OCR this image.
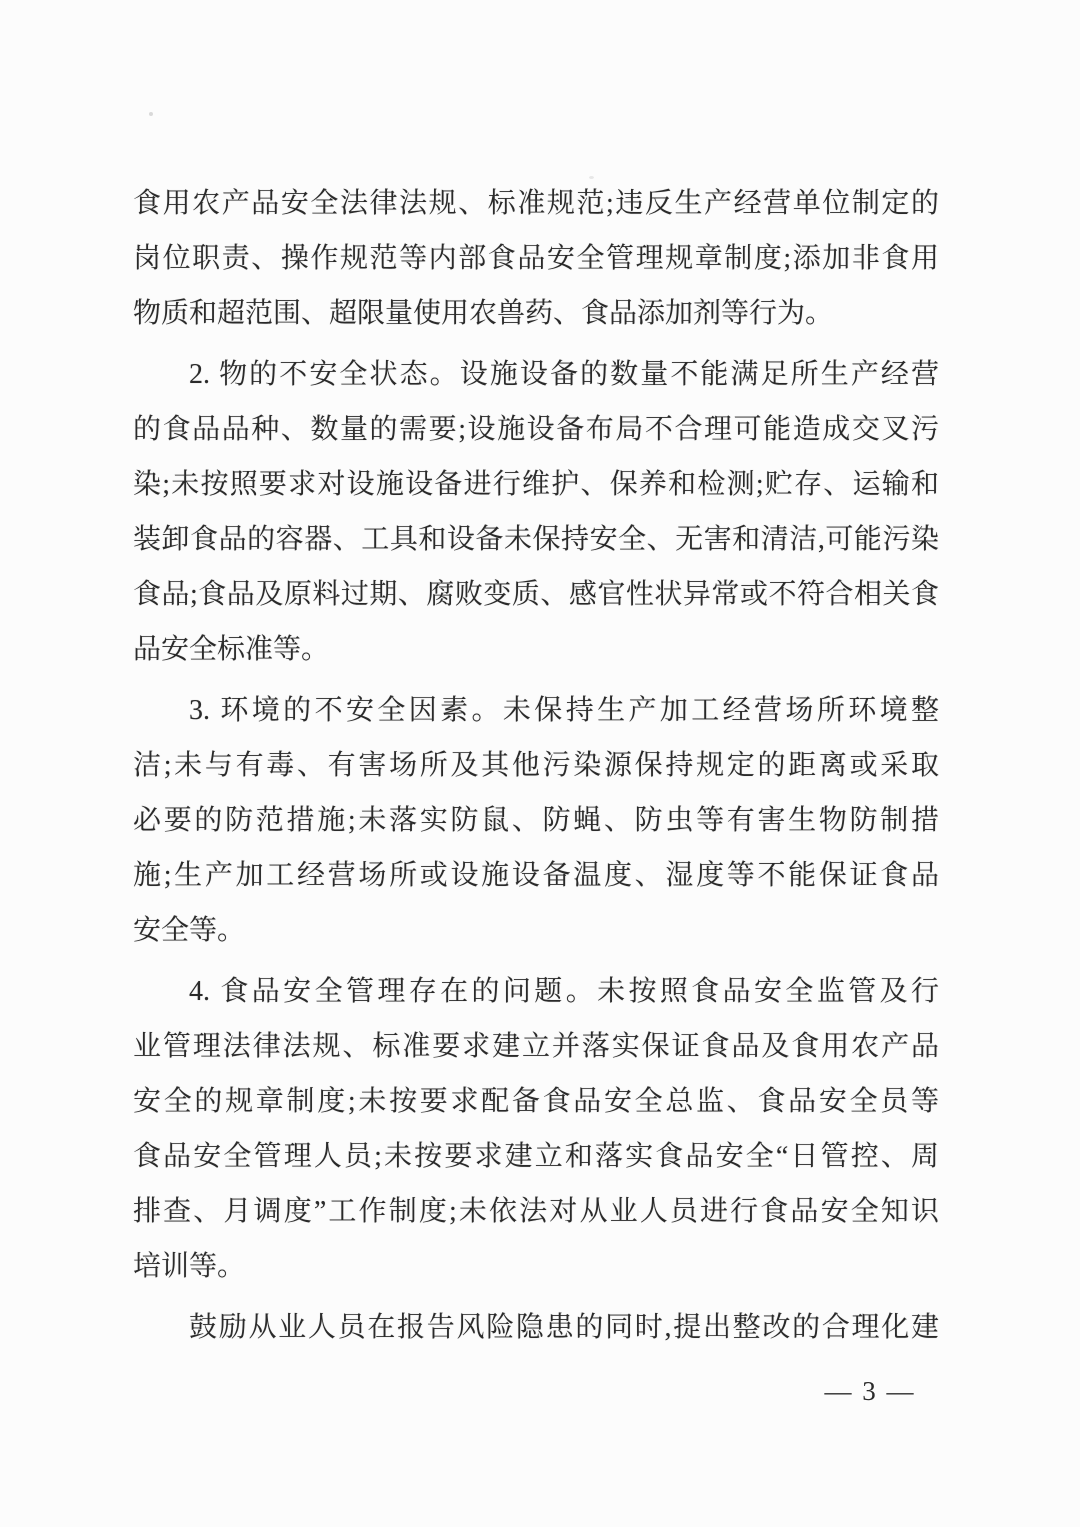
食用农产品安全法律法规、标准规范;违反生产经营单位制定的
岗位职责、操作规范等内部食品安全管理规章制度;添加非食用
物质和超范围、超限量使用农兽药、食品添加剂等行为。
2. 物的不安全状态。设施设备的数量不能满足所生产经营
的食品品种、数量的需要;设施设备布局不合理可能造成交叉污
染;未按照要求对设施设备进行维护、保养和检测;贮存、运输和
装卸食品的容器、工具和设备未保持安全、无害和清洁,可能污染
食品;食品及原料过期、腐败变质、感官性状异常或不符合相关食
品安全标准等。
3. 环境的不安全因素。未保持生产加工经营场所环境整
洁;未与有毒、有害场所及其他污染源保持规定的距离或采取
必要的防范措施;未落实防鼠、防蝇、防虫等有害生物防制措
施;生产加工经营场所或设施设备温度、湿度等不能保证食品
安全等。
4. 食品安全管理存在的问题。未按照食品安全监管及行
业管理法律法规、标准要求建立并落实保证食品及食用农产品
安全的规章制度;未按要求配备食品安全总监、食品安全员等
食品安全管理人员;未按要求建立和落实食品安全“日管控、周
排查、月调度”工作制度;未依法对从业人员进行食品安全知识
培训等。
鼓励从业人员在报告风险隐患的同时,提出整改的合理化建
— 3 —
